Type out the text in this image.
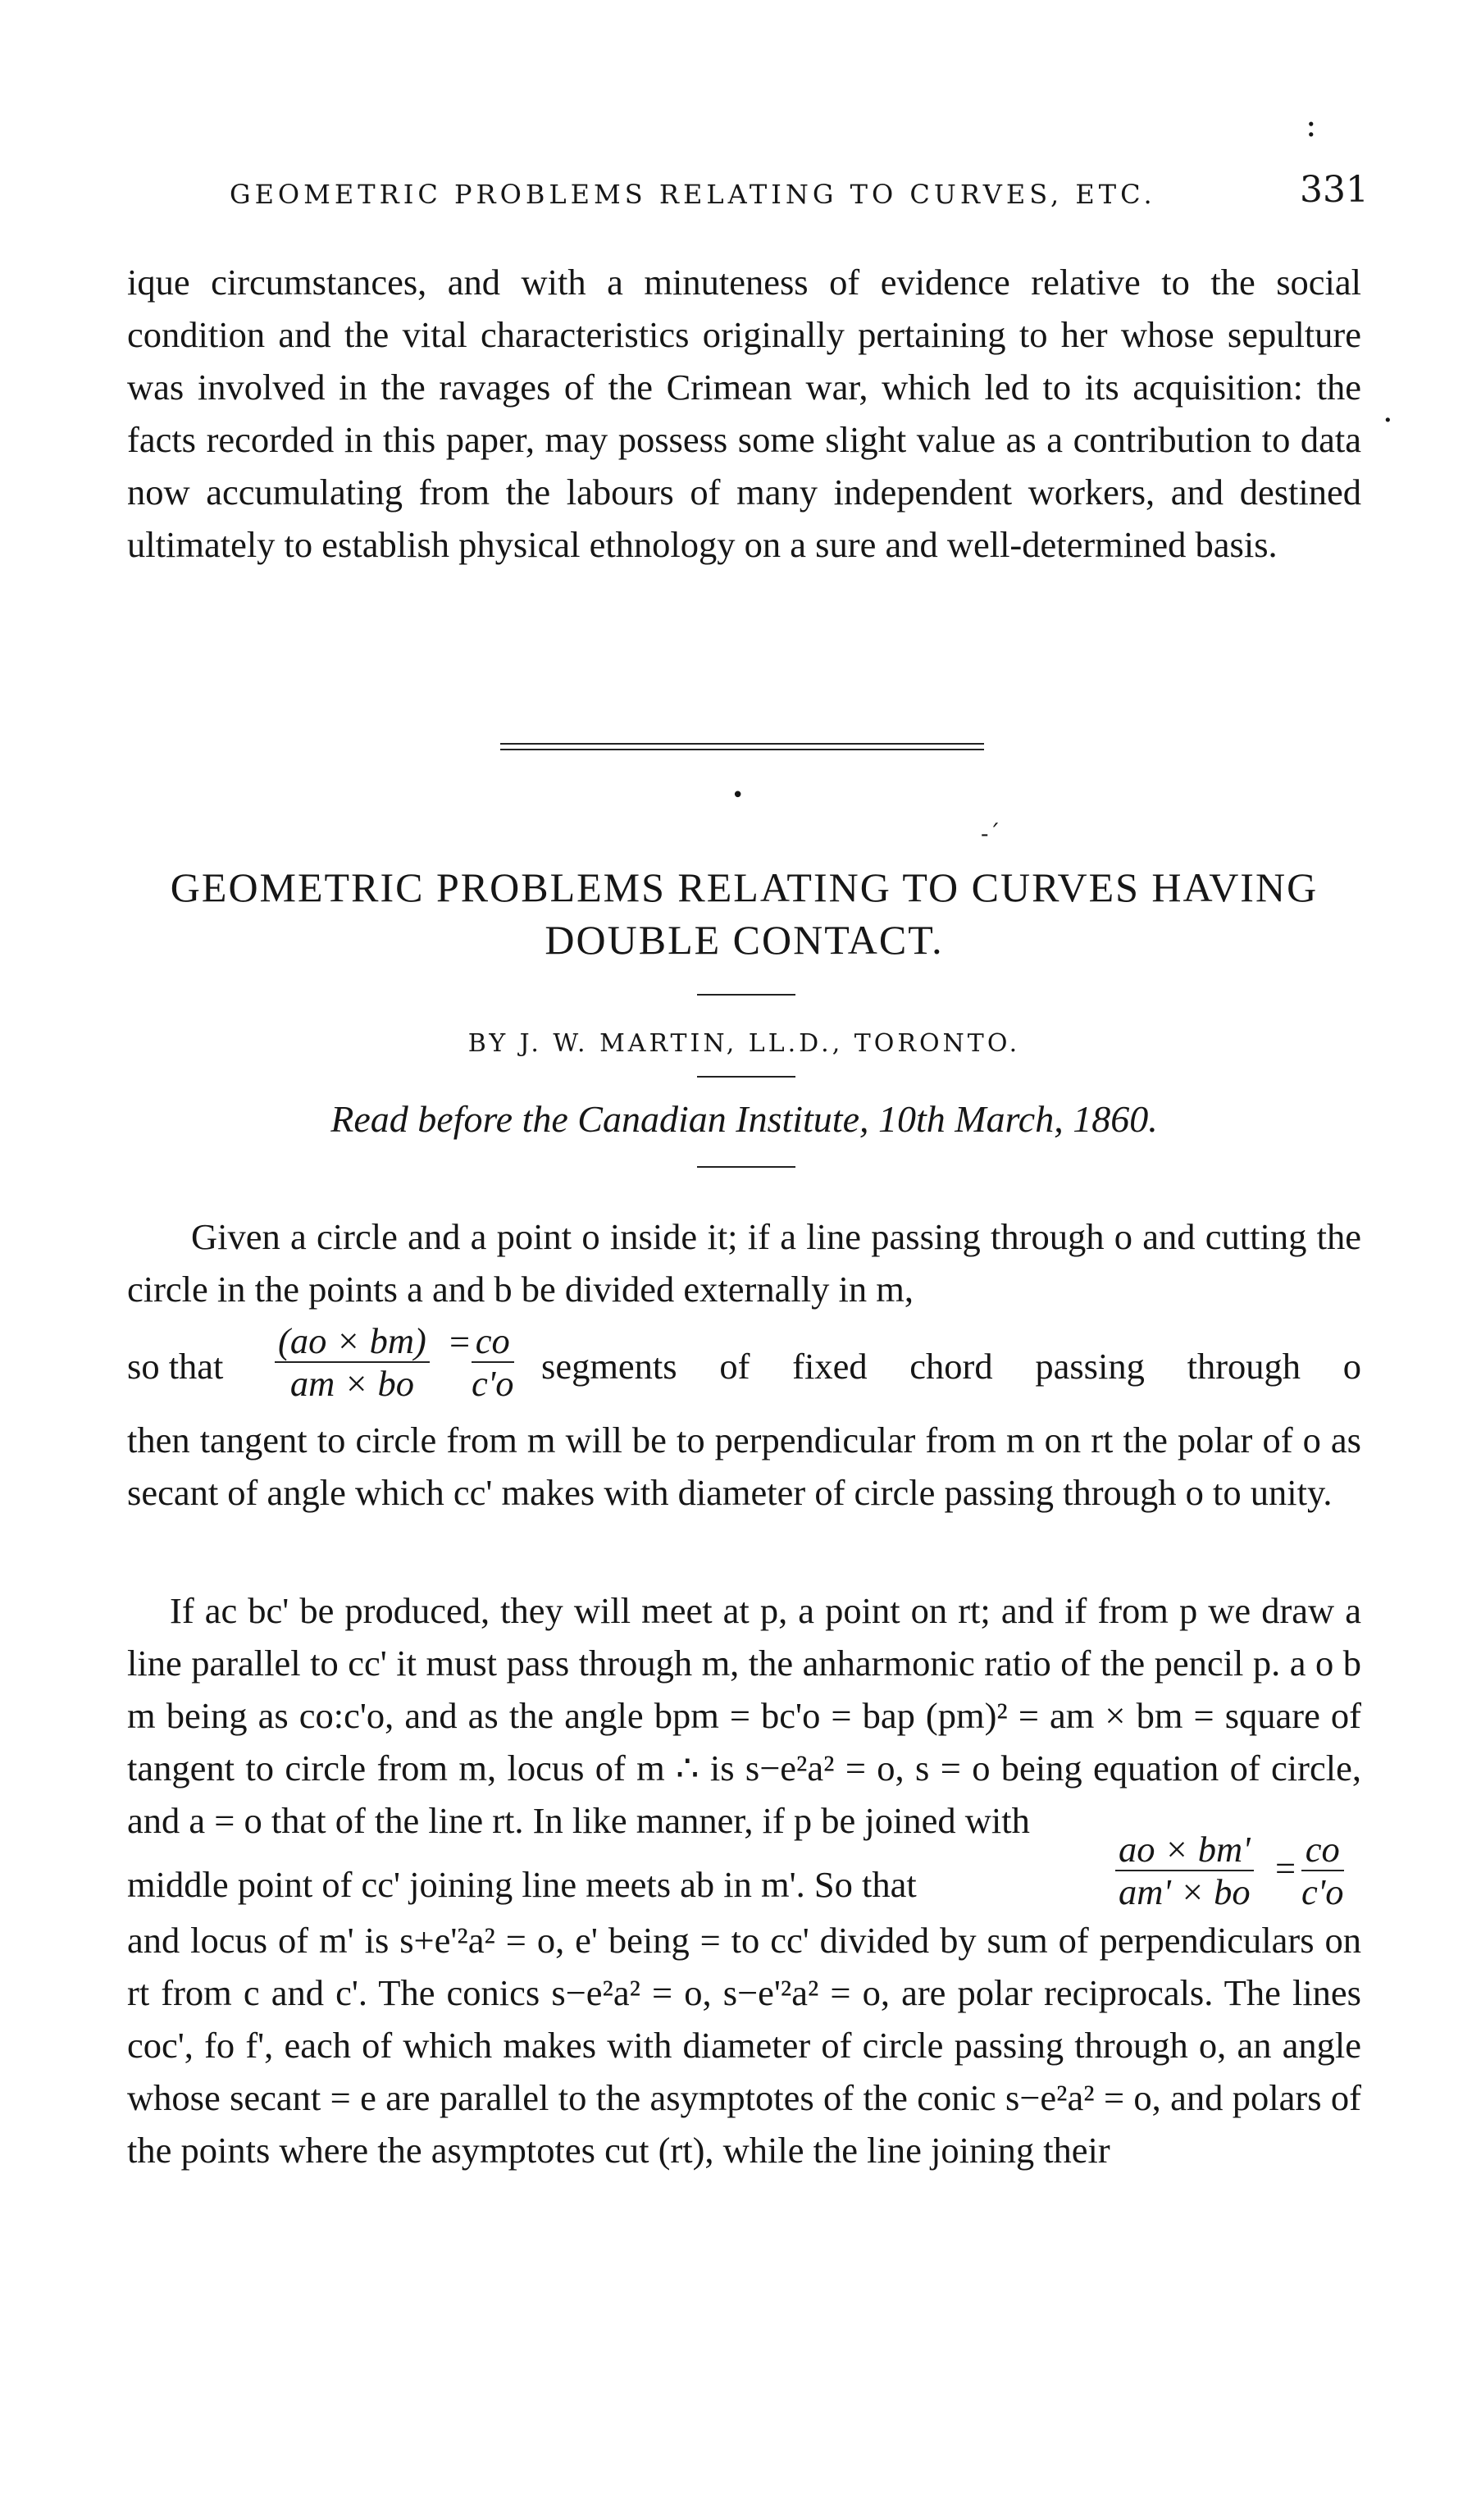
:
GEOMETRIC PROBLEMS RELATING TO CURVES, ETC.	331
ique circumstances, and with a minuteness of evidence relative to the social condition and the vital characteristics originally pertaining to her whose sepulture was involved in the ravages of the Crimean war, which led to its acquisition: the facts recorded in this paper, may possess some slight value as a contribution to data now accumulating from the labours of many independent workers, and destined ultimately to establish physical ethnology on a sure and well-determined basis.
·
•
‑´
GEOMETRIC PROBLEMS RELATING TO CURVES HAVING
DOUBLE CONTACT.
BY J. W. MARTIN, LL.D., TORONTO.
Read before the Canadian Institute, 10th March, 1860.
Given a circle and a point o inside it; if a line passing through o and cutting the circle in the points a and b be divided externally in m,
so that $\frac{(ao \times bm)}{am \times bo} = \frac{co}{c'o}$ segments of fixed chord passing through o
then tangent to circle from m will be to perpendicular from m on rt the polar of o as secant of angle which cc' makes with diameter of circle passing through o to unity.
If ac bc' be produced, they will meet at p, a point on rt; and if from p we draw a line parallel to cc' it must pass through m, the anharmonic ratio of the pencil p. a o b m being as co:c'o, and as the angle bpm = bc'o = bap (pm)² = am × bm = square of tangent to circle from m, locus of m ∴ is s−e²a² = o, s = o being equation of circle, and a = o that of the line rt. In like manner, if p be joined with
middle point of cc' joining line meets ab in m'. So that	$\frac{ao \times bm'}{am' \times bo} = \frac{co}{c'o}$
and locus of m' is s+e'²a² = o, e' being = to cc' divided by sum of perpendiculars on rt from c and c'. The conics s−e²a² = o, s−e'²a² = o, are polar reciprocals. The lines coc', fo f', each of which makes with diameter of circle passing through o, an angle whose secant = e are parallel to the asymptotes of the conic s−e²a² = o, and polars of the points where the asymptotes cut (rt), while the line joining their
